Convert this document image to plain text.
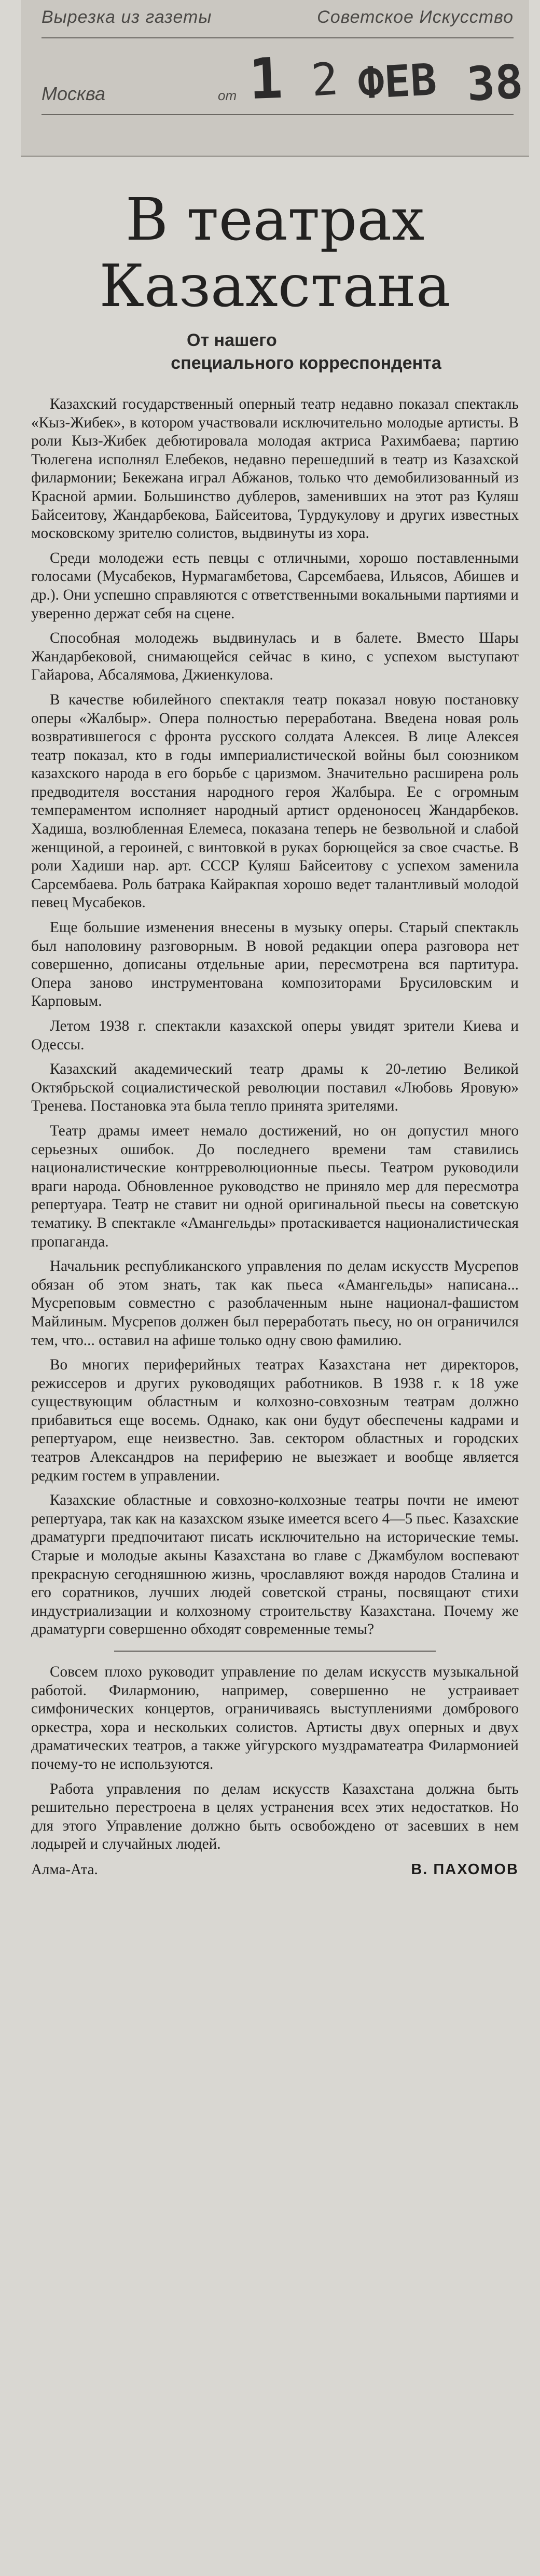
Вырезка из газеты	Советское Искусство
Москва	от 1 2 ФЕВ 38
В театрах
Казахстана
От нашего
специального корреспондента

Казахский государственный оперный театр недавно показал спектакль «Кыз-Жибек», в котором участвовали исключительно молодые артисты. В роли Кыз-Жибек дебютировала молодая актриса Рахимбаева; партию Тюлегена исполнял Елебеков, недавно перешедший в театр из Казахской филармонии; Бекежана играл Абжанов, только что демобилизованный из Красной армии. Большинство дублеров, заменивших на этот раз Куляш Байсеитову, Жандарбекова, Байсеитова, Турдукулову и других известных московскому зрителю солистов, выдвинуты из хора.

Среди молодежи есть певцы с отличными, хорошо поставленными голосами (Мусабеков, Нурмагамбетова, Сарсембаева, Ильясов, Абишев и др.). Они успешно справляются с ответственными вокальными партиями и уверенно держат себя на сцене.

Способная молодежь выдвинулась и в балете. Вместо Шары Жандарбековой, снимающейся сейчас в кино, с успехом выступают Гайарова, Абсалямова, Джиенкулова.

В качестве юбилейного спектакля театр показал новую постановку оперы «Жалбыр». Опера полностью переработана. Введена новая роль возвратившегося с фронта русского солдата Алексея. В лице Алексея театр показал, кто в годы империалистической войны был союзником казахского народа в его борьбе с царизмом. Значительно расширена роль предводителя восстания народного героя Жалбыра. Ее с огромным темпераментом исполняет народный артист орденоносец Жандарбеков. Хадиша, возлюбленная Елемеса, показана теперь не безвольной и слабой женщиной, а героиней, с винтовкой в руках борющейся за свое счастье. В роли Хадиши нар. арт. СССР Куляш Байсеитову с успехом заменила Сарсембаева. Роль батрака Кайракпая хорошо ведет талантливый молодой певец Мусабеков.

Еще большие изменения внесены в музыку оперы. Старый спектакль был наполовину разговорным. В новой редакции опера разговора нет совершенно, дописаны отдельные арии, пересмотрена вся партитура. Опера заново инструментована композиторами Брусиловским и Карповым.

Летом 1938 г. спектакли казахской оперы увидят зрители Киева и Одессы.

Казахский академический театр драмы к 20-летию Великой Октябрьской социалистической революции поставил «Любовь Яровую» Тренева. Постановка эта была тепло принята зрителями.

Театр драмы имеет немало достижений, но он допустил много серьезных ошибок. До последнего времени там ставились националистические контрреволюционные пьесы. Театром руководили враги народа. Обновленное руководство не приняло мер для пересмотра репертуара. Театр не ставит ни одной оригинальной пьесы на советскую тематику. В спектакле «Амангельды» протаскивается националистическая пропаганда.

Начальник республиканского управления по делам искусств Мусрепов обязан об этом знать, так как пьеса «Амангельды» написана... Мусреповым совместно с разоблаченным ныне национал-фашистом Майлиным. Мусрепов должен был переработать пьесу, но он ограничился тем, что... оставил на афише только одну свою фамилию.

Во многих периферийных театрах Казахстана нет директоров, режиссеров и других руководящих работников. В 1938 г. к 18 уже существующим областным и колхозно-совхозным театрам должно прибавиться еще восемь. Однако, как они будут обеспечены кадрами и репертуаром, еще неизвестно. Зав. сектором областных и городских театров Александров на периферию не выезжает и вообще является редким гостем в управлении.

Казахские областные и совхозно-колхозные театры почти не имеют репертуара, так как на казахском языке имеется всего 4—5 пьес. Казахские драматурги предпочитают писать исключительно на исторические темы. Старые и молодые акыны Казахстана во главе с Джамбулом воспевают прекрасную сегодняшнюю жизнь, чрославляют вождя народов Сталина и его соратников, лучших людей советской страны, посвящают стихи индустриализации и колхозному строительству Казахстана. Почему же драматурги совершенно обходят современные темы?

Совсем плохо руководит управление по делам искусств музыкальной работой. Филармонию, например, совершенно не устраивает симфонических концертов, ограничиваясь выступлениями домбрового оркестра, хора и нескольких солистов. Артисты двух оперных и двух драматических театров, а также уйгурского муздраматеатра Филармонией почему-то не используются.

Работа управления по делам искусств Казахстана должна быть решительно перестроена в целях устранения всех этих недостатков. Но для этого Управление должно быть освобождено от засевших в нем лодырей и случайных людей.

Алма-Ата.	В. ПАХОМОВ
